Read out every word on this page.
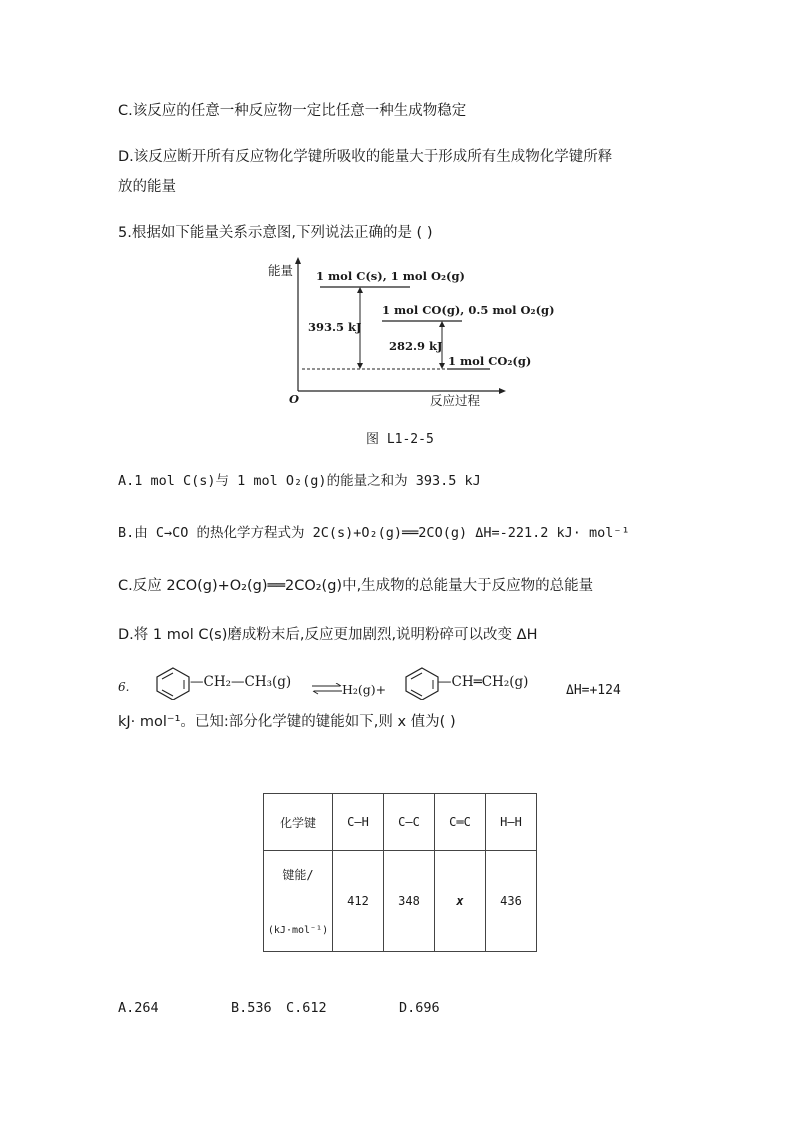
C.该反应的任意一种反应物一定比任意一种生成物稳定
D.该反应断开所有反应物化学键所吸收的能量大于形成所有生成物化学键所释
放的能量
5.根据如下能量关系示意图,下列说法正确的是 ( )
能量 1 mol C(s), 1 mol O₂(g)
1 mol CO(g), 0.5 mol O₂(g)
1 mol CO₂(g)
393.5 kJ
282.9 kJ
O	反应过程
图 L1-2-5
A.1 mol C(s)与 1 mol O₂(g)的能量之和为 393.5 kJ
B.由 C→CO 的热化学方程式为 2C(s)+O₂(g)══2CO(g) ΔH=-221.2 kJ· mol⁻¹
C.反应 2CO(g)+O₂(g)══2CO₂(g)中,生成物的总能量大于反应物的总能量
D.将 1 mol C(s)磨成粉末后,反应更加剧烈,说明粉碎可以改变 ΔH
6.	—CH₂—CH₃(g) ⇌
H₂(g)+	—CH═CH₂(g)
ΔH=+124
kJ· mol⁻¹。已知:部分化学键的键能如下,则 x 值为( )
化学键	C—H	C—C	C═C	H—H

键能/
(kJ·mol⁻¹)	412	348	x	436
A.264	B.536 C.612	D.696
